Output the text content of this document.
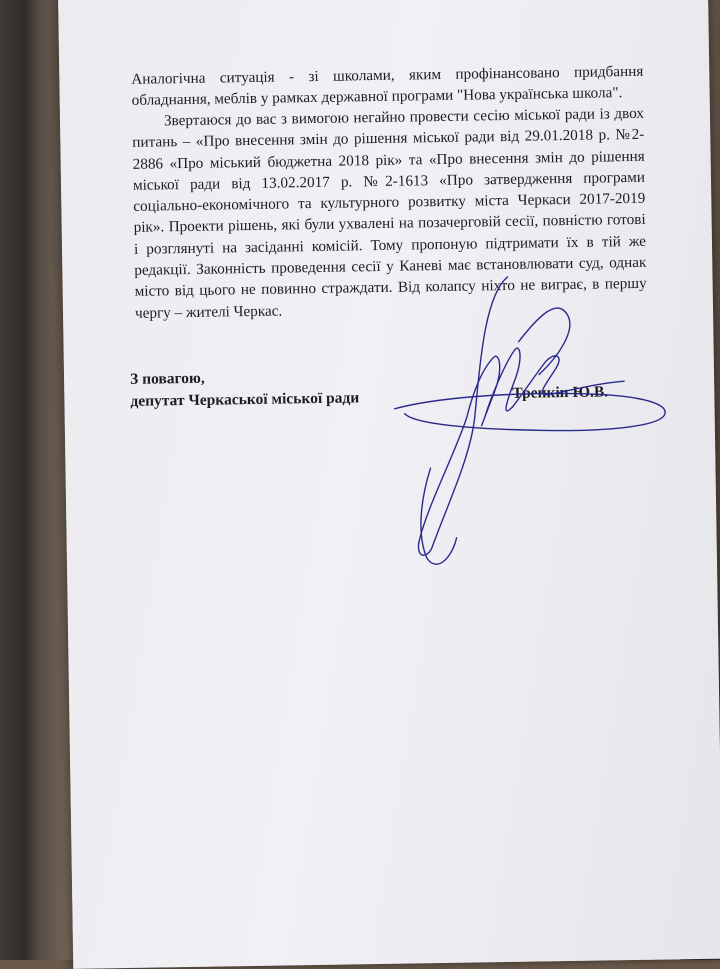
Аналогічна ситуація - зі школами, яким профінансовано придбання обладнання, меблів у рамках державної програми "Нова українська школа".

Звертаюся до вас з вимогою негайно провести сесію міської ради із двох питань – «Про внесення змін до рішення міської ради від 29.01.2018 р. №2-2886 «Про міський бюджетна 2018 рік» та «Про внесення змін до рішення міської ради від 13.02.2017 р. №2-1613 «Про затвердження програми соціально-економічного та культурного розвитку міста Черкаси 2017-2019 рік». Проекти рішень, які були ухвалені на позачерговій сесії, повністю готові і розглянуті на засіданні комісій. Тому пропоную підтримати їх в тій же редакції. Законність проведення сесії у Каневі має встановлювати суд, однак місто від цього не повинно страждати. Від колапсу ніхто не виграє, в першу чергу – жителі Черкас.

З повагою,
депутат Черкаської міської ради	Тренкін Ю.В.
